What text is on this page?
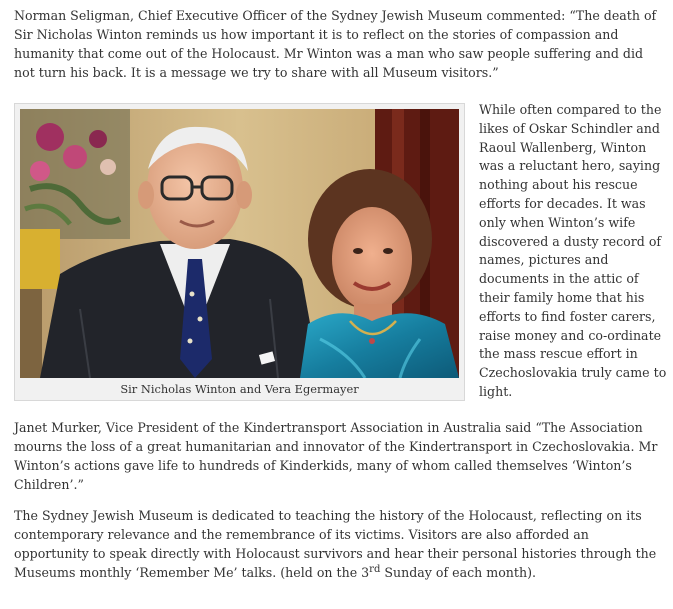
Norman Seligman, Chief Executive Officer of the Sydney Jewish Museum commented: “The death of Sir Nicholas Winton reminds us how important it is to reflect on the stories of compassion and humanity that come out of the Holocaust. Mr Winton was a man who saw people suffering and did not turn his back. It is a message we try to share with all Museum visitors.”

Sir Nicholas Winton and Vera Egermayer

While often compared to the likes of Oskar Schindler and Raoul Wallenberg, Winton was a reluctant hero, saying nothing about his rescue efforts for decades. It was only when Winton’s wife discovered a dusty record of names, pictures and documents in the attic of their family home that his efforts to find foster carers, raise money and co-ordinate the mass rescue effort in Czechoslovakia truly came to light.

Janet Murker, Vice President of the Kindertransport Association in Australia said “The Association mourns the loss of a great humanitarian and innovator of the Kindertransport in Czechoslovakia. Mr Winton’s actions gave life to hundreds of Kinderkids, many of whom called themselves ‘Winton’s Children’.”

The Sydney Jewish Museum is dedicated to teaching the history of the Holocaust, reflecting on its contemporary relevance and the remembrance of its victims. Visitors are also afforded an opportunity to speak directly with Holocaust survivors and hear their personal histories through the Museums monthly ‘Remember Me’ talks. (held on the 3rd Sunday of each month).
